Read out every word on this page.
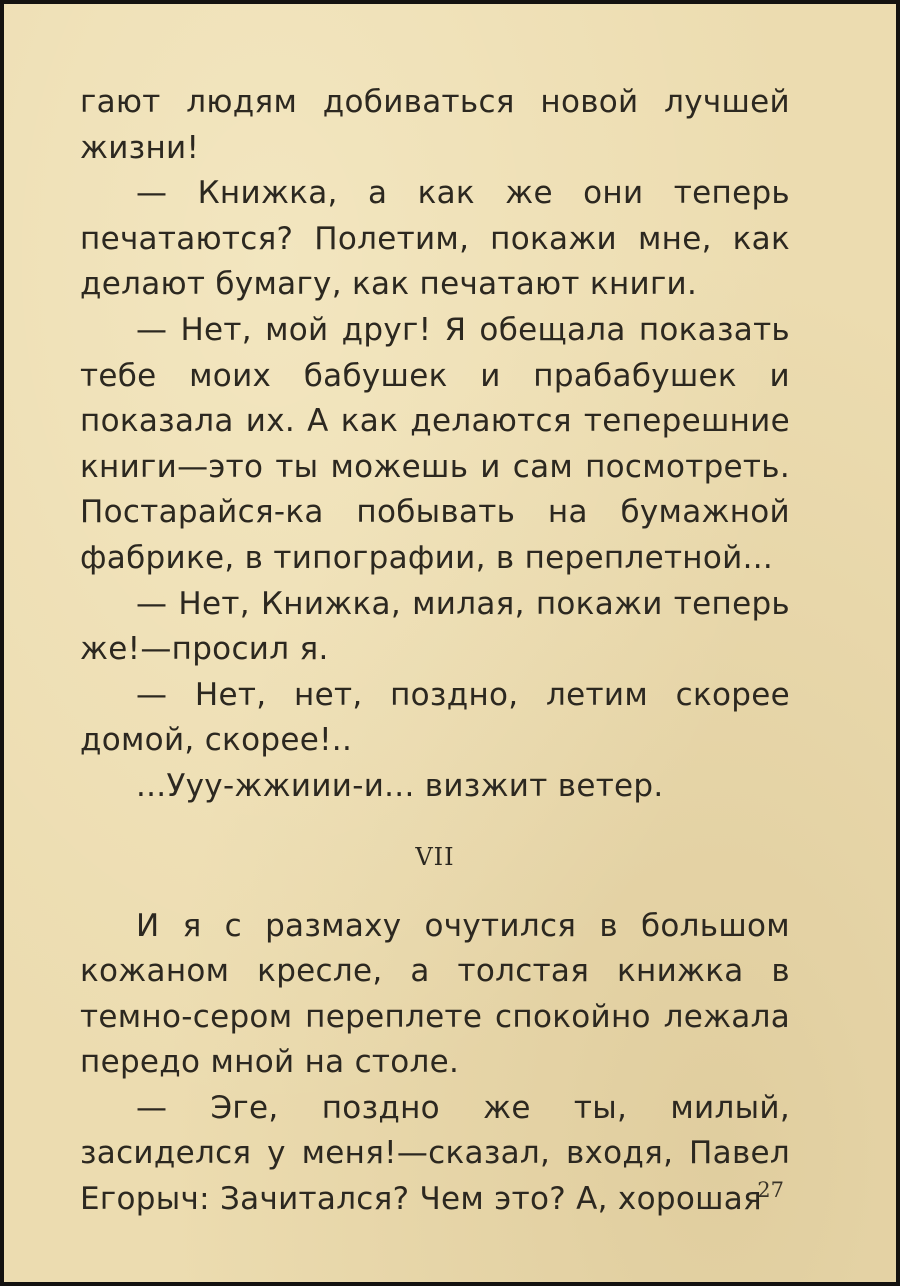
гают людям добиваться новой лучшей жизни!

— Книжка, а как же они теперь печатаются? Полетим, покажи мне, как делают бумагу, как печатают книги.

— Нет, мой друг! Я обещала показать тебе моих бабушек и прабабушек и показала их. А как делаются теперешние книги—это ты можешь и сам посмотреть. Постарайся-ка побывать на бумажной фабрике, в типографии, в переплетной...

— Нет, Книжка, милая, покажи теперь же!—просил я.

— Нет, нет, поздно, летим скорее домой, скорее!..

...Ууу-жжиии-и... визжит ветер.

VII

И я с размаху очутился в большом кожаном кресле, а толстая книжка в темно-сером переплете спокойно лежала передо мной на столе.

— Эге, поздно же ты, милый, засиделся у меня!—сказал, входя, Павел Егорыч: Зачитался? Чем это? А, хорошая

27
